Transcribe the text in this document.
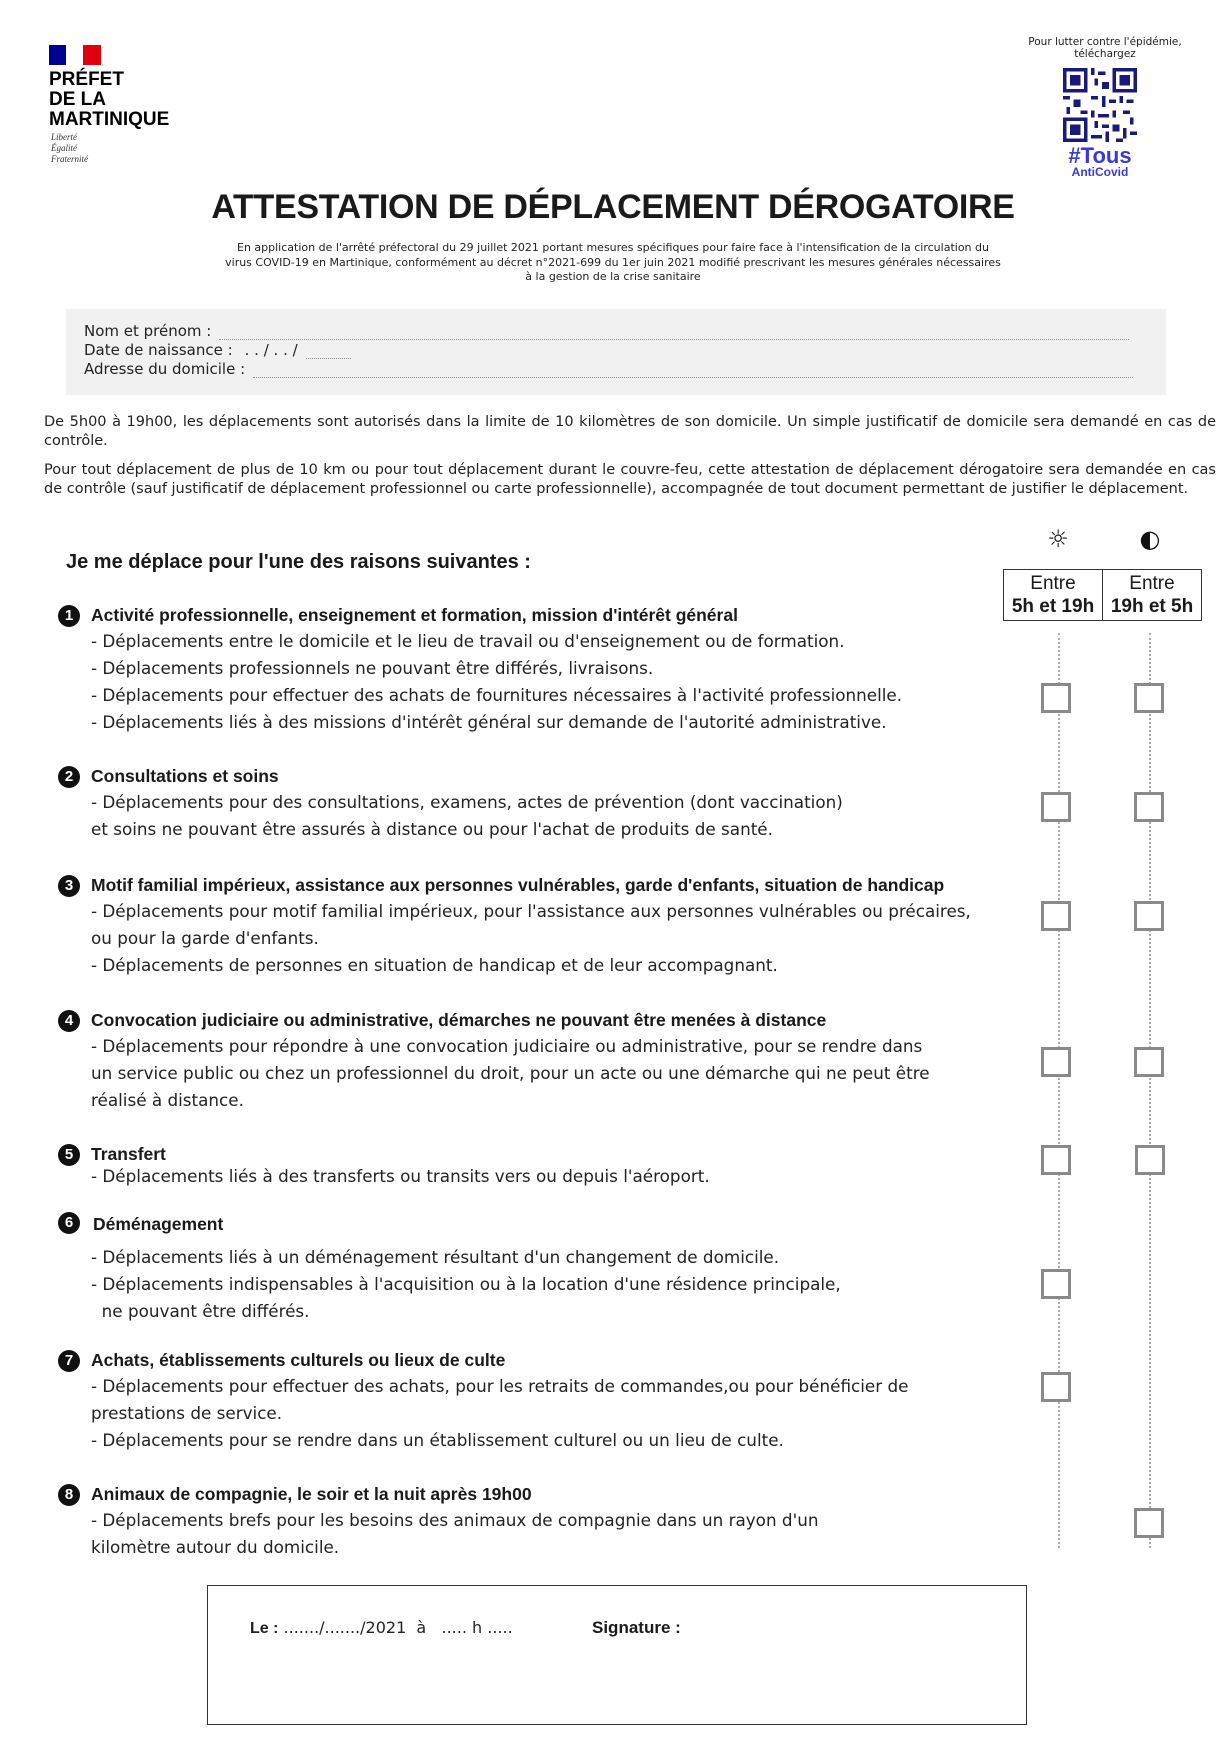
PRÉFET
DE LA
MARTINIQUE
Liberté
Égalité
Fraternité
Pour lutter contre l'épidémie,
téléchargez
#Tous
AntiCovid
ATTESTATION DE DÉPLACEMENT DÉROGATOIRE
En application de l'arrêté préfectoral du 29 juillet 2021 portant mesures spécifiques pour faire face à l'intensification de la circulation du
virus COVID-19 en Martinique, conformément au décret n°2021-699 du 1er juin 2021 modifié prescrivant les mesures générales nécessaires
à la gestion de la crise sanitaire
Nom et prénom :
Date de naissance : . . / . . /
Adresse du domicile :
De 5h00 à 19h00, les déplacements sont autorisés dans la limite de 10 kilomètres de son domicile. Un simple justificatif de domicile sera demandé en cas de contrôle.
Pour tout déplacement de plus de 10 km ou pour tout déplacement durant le couvre-feu, cette attestation de déplacement dérogatoire sera demandée en cas de contrôle (sauf justificatif de déplacement professionnel ou carte professionnelle), accompagnée de tout document permettant de justifier le déplacement.
Je me déplace pour l'une des raisons suivantes :
☼	◐
Entre
5h et 19h
Entre
19h et 5h
1	Activité professionnelle, enseignement et formation, mission d'intérêt général
- Déplacements entre le domicile et le lieu de travail ou d'enseignement ou de formation.
- Déplacements professionnels ne pouvant être différés, livraisons.
- Déplacements pour effectuer des achats de fournitures nécessaires à l'activité professionnelle.
- Déplacements liés à des missions d'intérêt général sur demande de l'autorité administrative.
2	Consultations et soins
- Déplacements pour des consultations, examens, actes de prévention (dont vaccination)
et soins ne pouvant être assurés à distance ou pour l'achat de produits de santé.
3	Motif familial impérieux, assistance aux personnes vulnérables, garde d'enfants, situation de handicap
- Déplacements pour motif familial impérieux, pour l'assistance aux personnes vulnérables ou précaires,
ou pour la garde d'enfants.
- Déplacements de personnes en situation de handicap et de leur accompagnant.
4	Convocation judiciaire ou administrative, démarches ne pouvant être menées à distance
- Déplacements pour répondre à une convocation judiciaire ou administrative, pour se rendre dans
un service public ou chez un professionnel du droit, pour un acte ou une démarche qui ne peut être
réalisé à distance.
5	Transfert
- Déplacements liés à des transferts ou transits vers ou depuis l'aéroport.
6	Déménagement
- Déplacements liés à un déménagement résultant d'un changement de domicile.
- Déplacements indispensables à l'acquisition ou à la location d'une résidence principale,
ne pouvant être différés.
7	Achats, établissements culturels ou lieux de culte
- Déplacements pour effectuer des achats, pour les retraits de commandes,ou pour bénéficier de
prestations de service.
- Déplacements pour se rendre dans un établissement culturel ou un lieu de culte.
8	Animaux de compagnie, le soir et la nuit après 19h00
- Déplacements brefs pour les besoins des animaux de compagnie dans un rayon d'un
kilomètre autour du domicile.
Le : ......./......./2021  à   ..... h .....	Signature :
